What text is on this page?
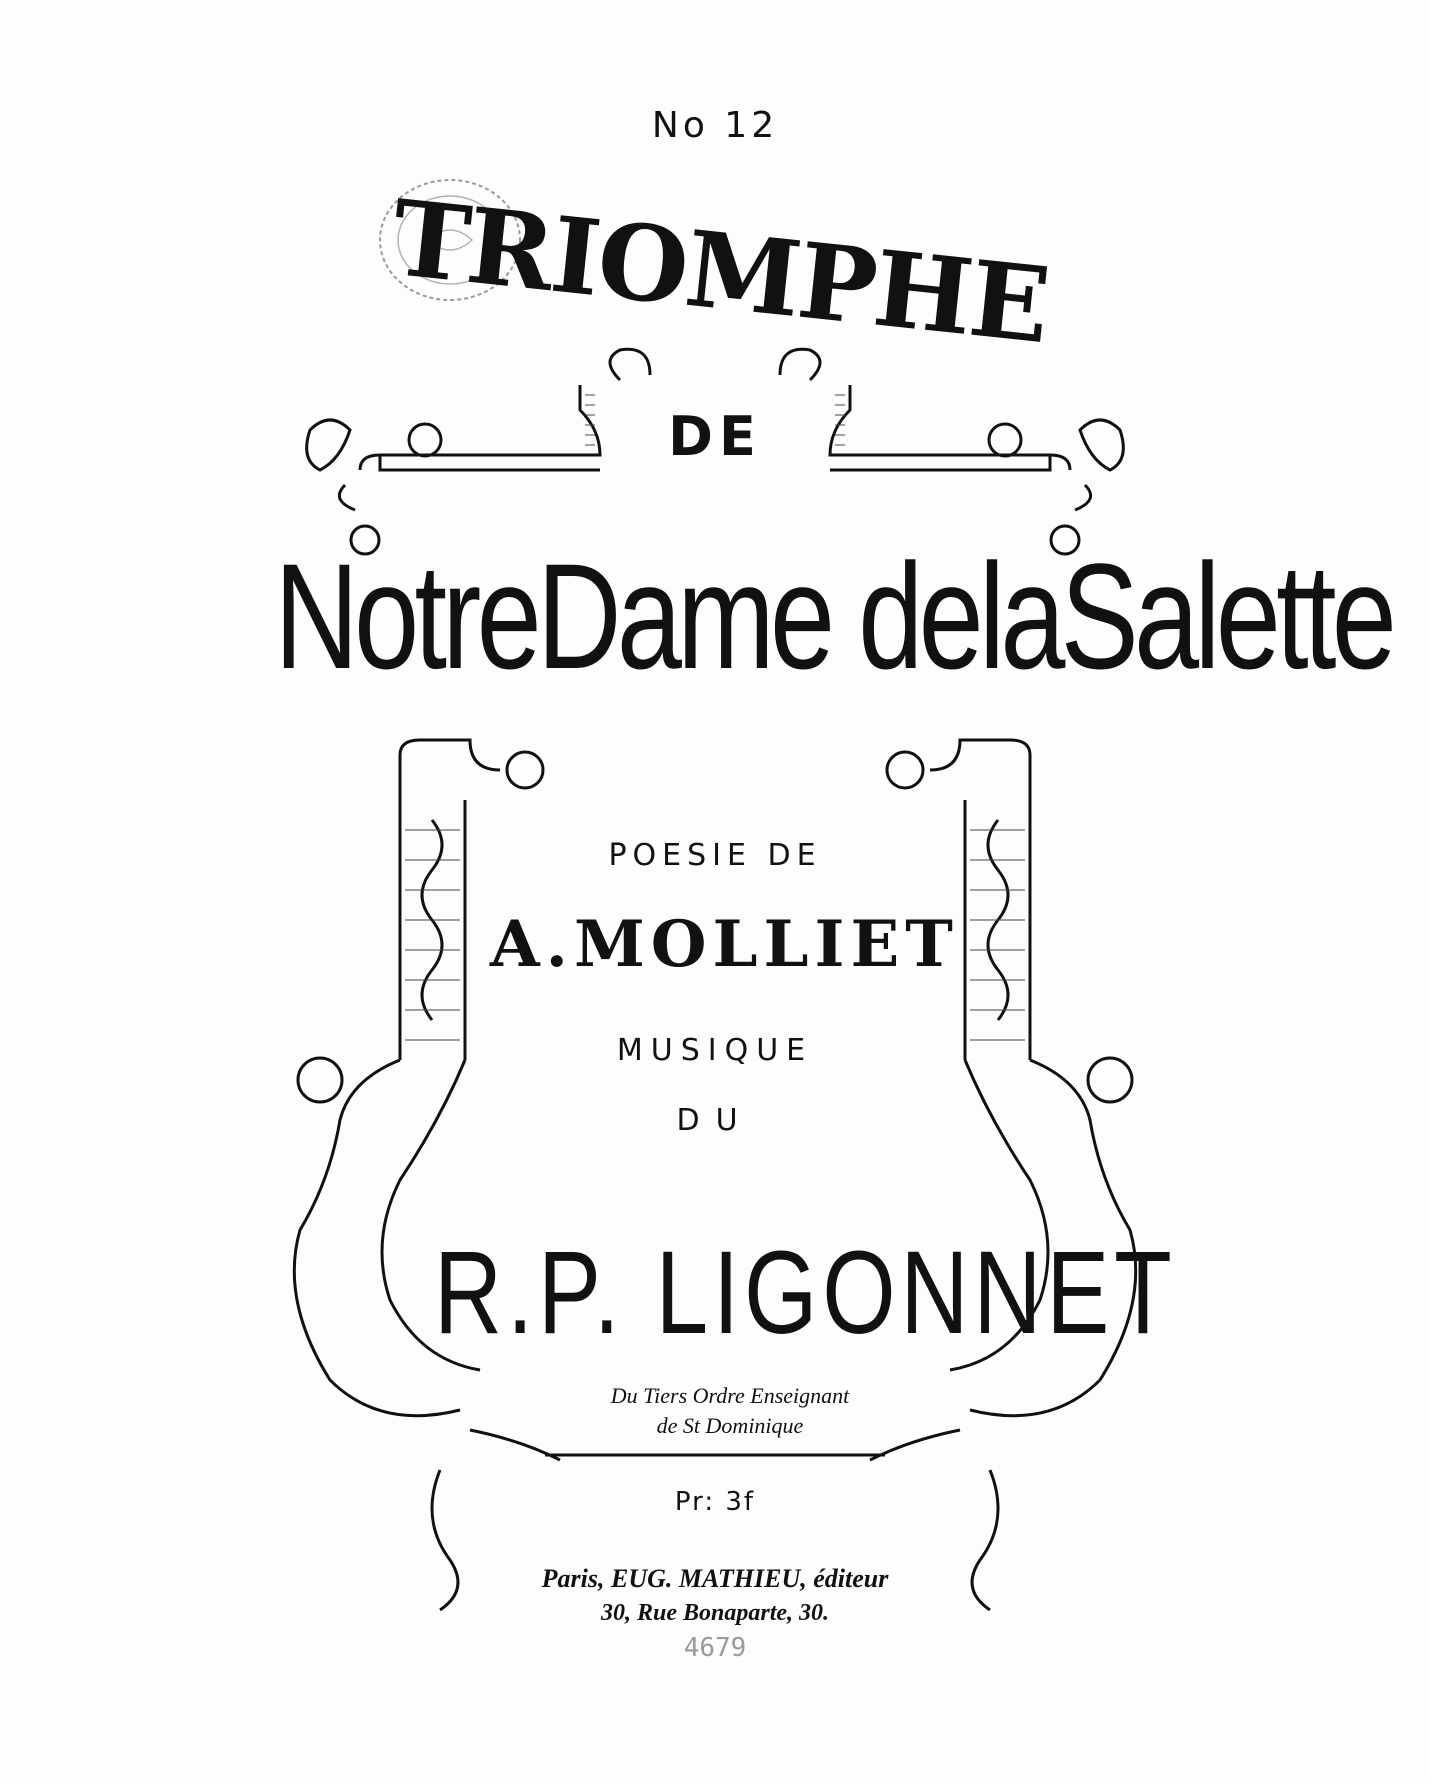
No 12
TRIOMPHE
DE
NotreDame delaSalette
POESIE DE
A.MOLLIET
MUSIQUE
DU
R.P. LIGONNET
Du Tiers Ordre Enseignant
de St Dominique
Pr: 3f
Paris, EUG. MATHIEU, éditeur
30, Rue Bonaparte, 30.
4679
